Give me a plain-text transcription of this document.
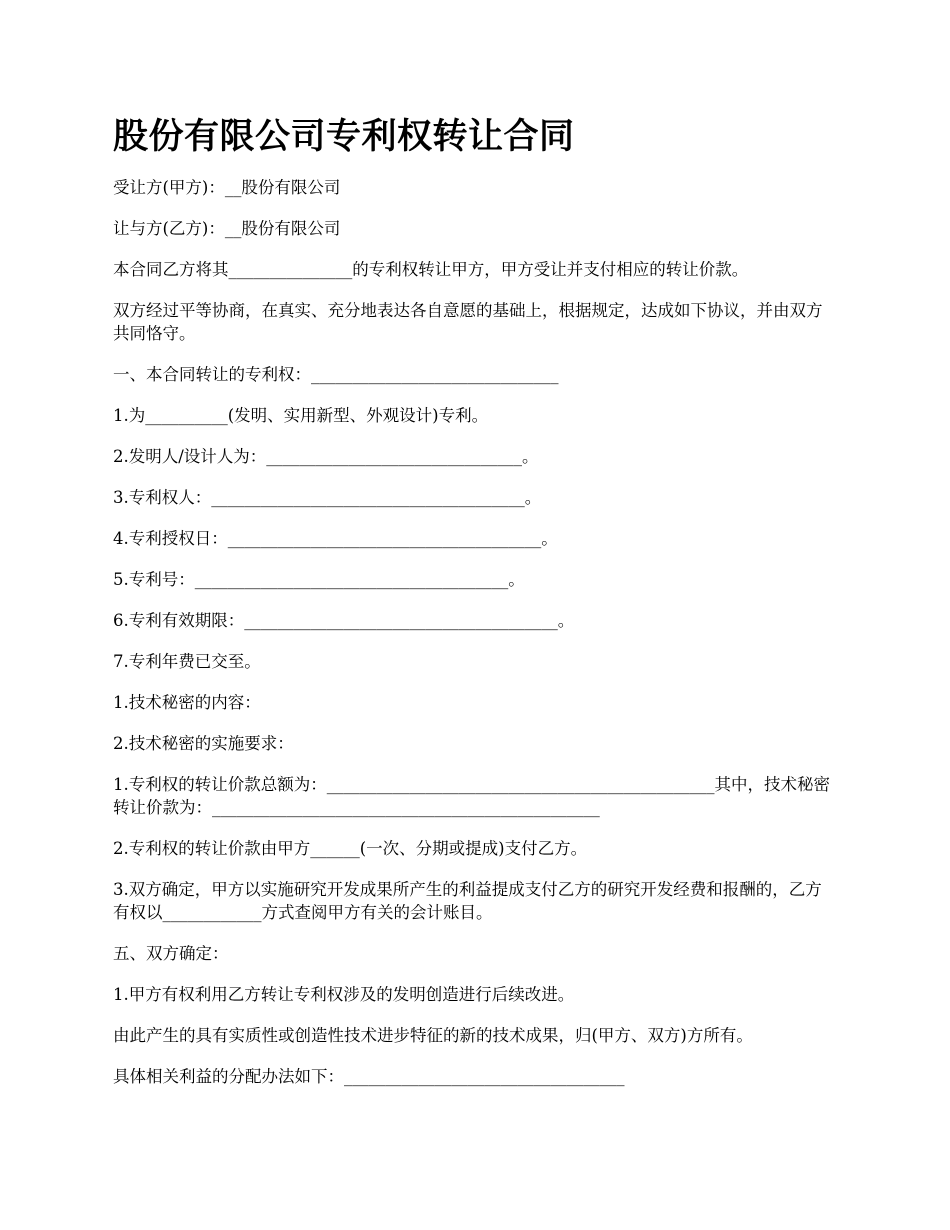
股份有限公司专利权转让合同

受让方(甲方)：__股份有限公司

让与方(乙方)：__股份有限公司

本合同乙方将其_______________的专利权转让甲方，甲方受让并支付相应的转让价款。

双方经过平等协商，在真实、充分地表达各自意愿的基础上，根据规定，达成如下协议，并由双方共同恪守。

一、本合同转让的专利权：______________________________

1.为__________(发明、实用新型、外观设计)专利。

2.发明人/设计人为：_______________________________。

3.专利权人：______________________________________。

4.专利授权日：______________________________________。

5.专利号：______________________________________。

6.专利有效期限：______________________________________。

7.专利年费已交至。

1.技术秘密的内容：

2.技术秘密的实施要求：

1.专利权的转让价款总额为：_______________________________________________其中，技术秘密转让价款为：_______________________________________________

2.专利权的转让价款由甲方______(一次、分期或提成)支付乙方。

3.双方确定，甲方以实施研究开发成果所产生的利益提成支付乙方的研究开发经费和报酬的，乙方有权以____________方式查阅甲方有关的会计账目。

五、双方确定：

1.甲方有权利用乙方转让专利权涉及的发明创造进行后续改进。

由此产生的具有实质性或创造性技术进步特征的新的技术成果，归(甲方、双方)方所有。

具体相关利益的分配办法如下：__________________________________
